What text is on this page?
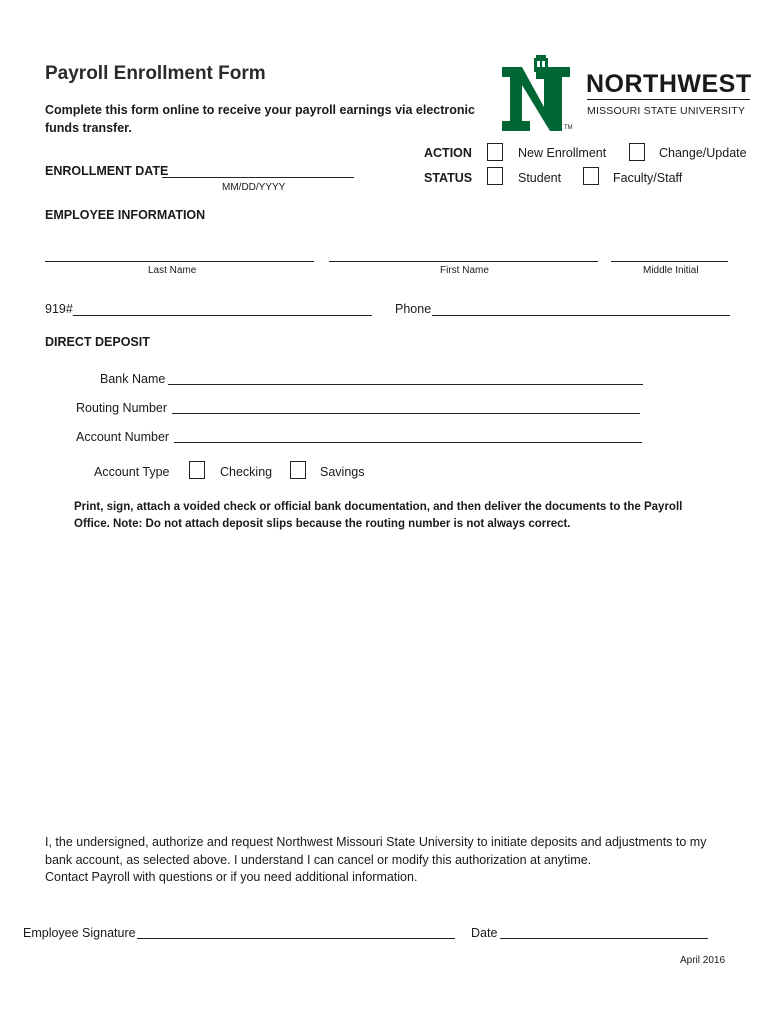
Payroll Enrollment Form
Complete this form online to receive your payroll earnings via electronic
funds transfer.	TM
NORTHWEST
MISSOURI STATE UNIVERSITY
ENROLLMENT DATE
MM/DD/YYYY
ACTION	New Enrollment	Change/Update
STATUS	Student	Faculty/Staff
EMPLOYEE INFORMATION
Last Name	First Name	Middle Initial
919#	Phone
DIRECT DEPOSIT
Bank Name
Routing Number
Account Number
Account Type	Checking	Savings
Print, sign, attach a voided check or official bank documentation, and then deliver the documents to the Payroll
Office. Note: Do not attach deposit slips because the routing number is not always correct.
I, the undersigned, authorize and request Northwest Missouri State University to initiate deposits and adjustments to my
bank account, as selected above. I understand I can cancel or modify this authorization at anytime.
Contact Payroll with questions or if you need additional information.
Employee Signature	Date
April 2016
